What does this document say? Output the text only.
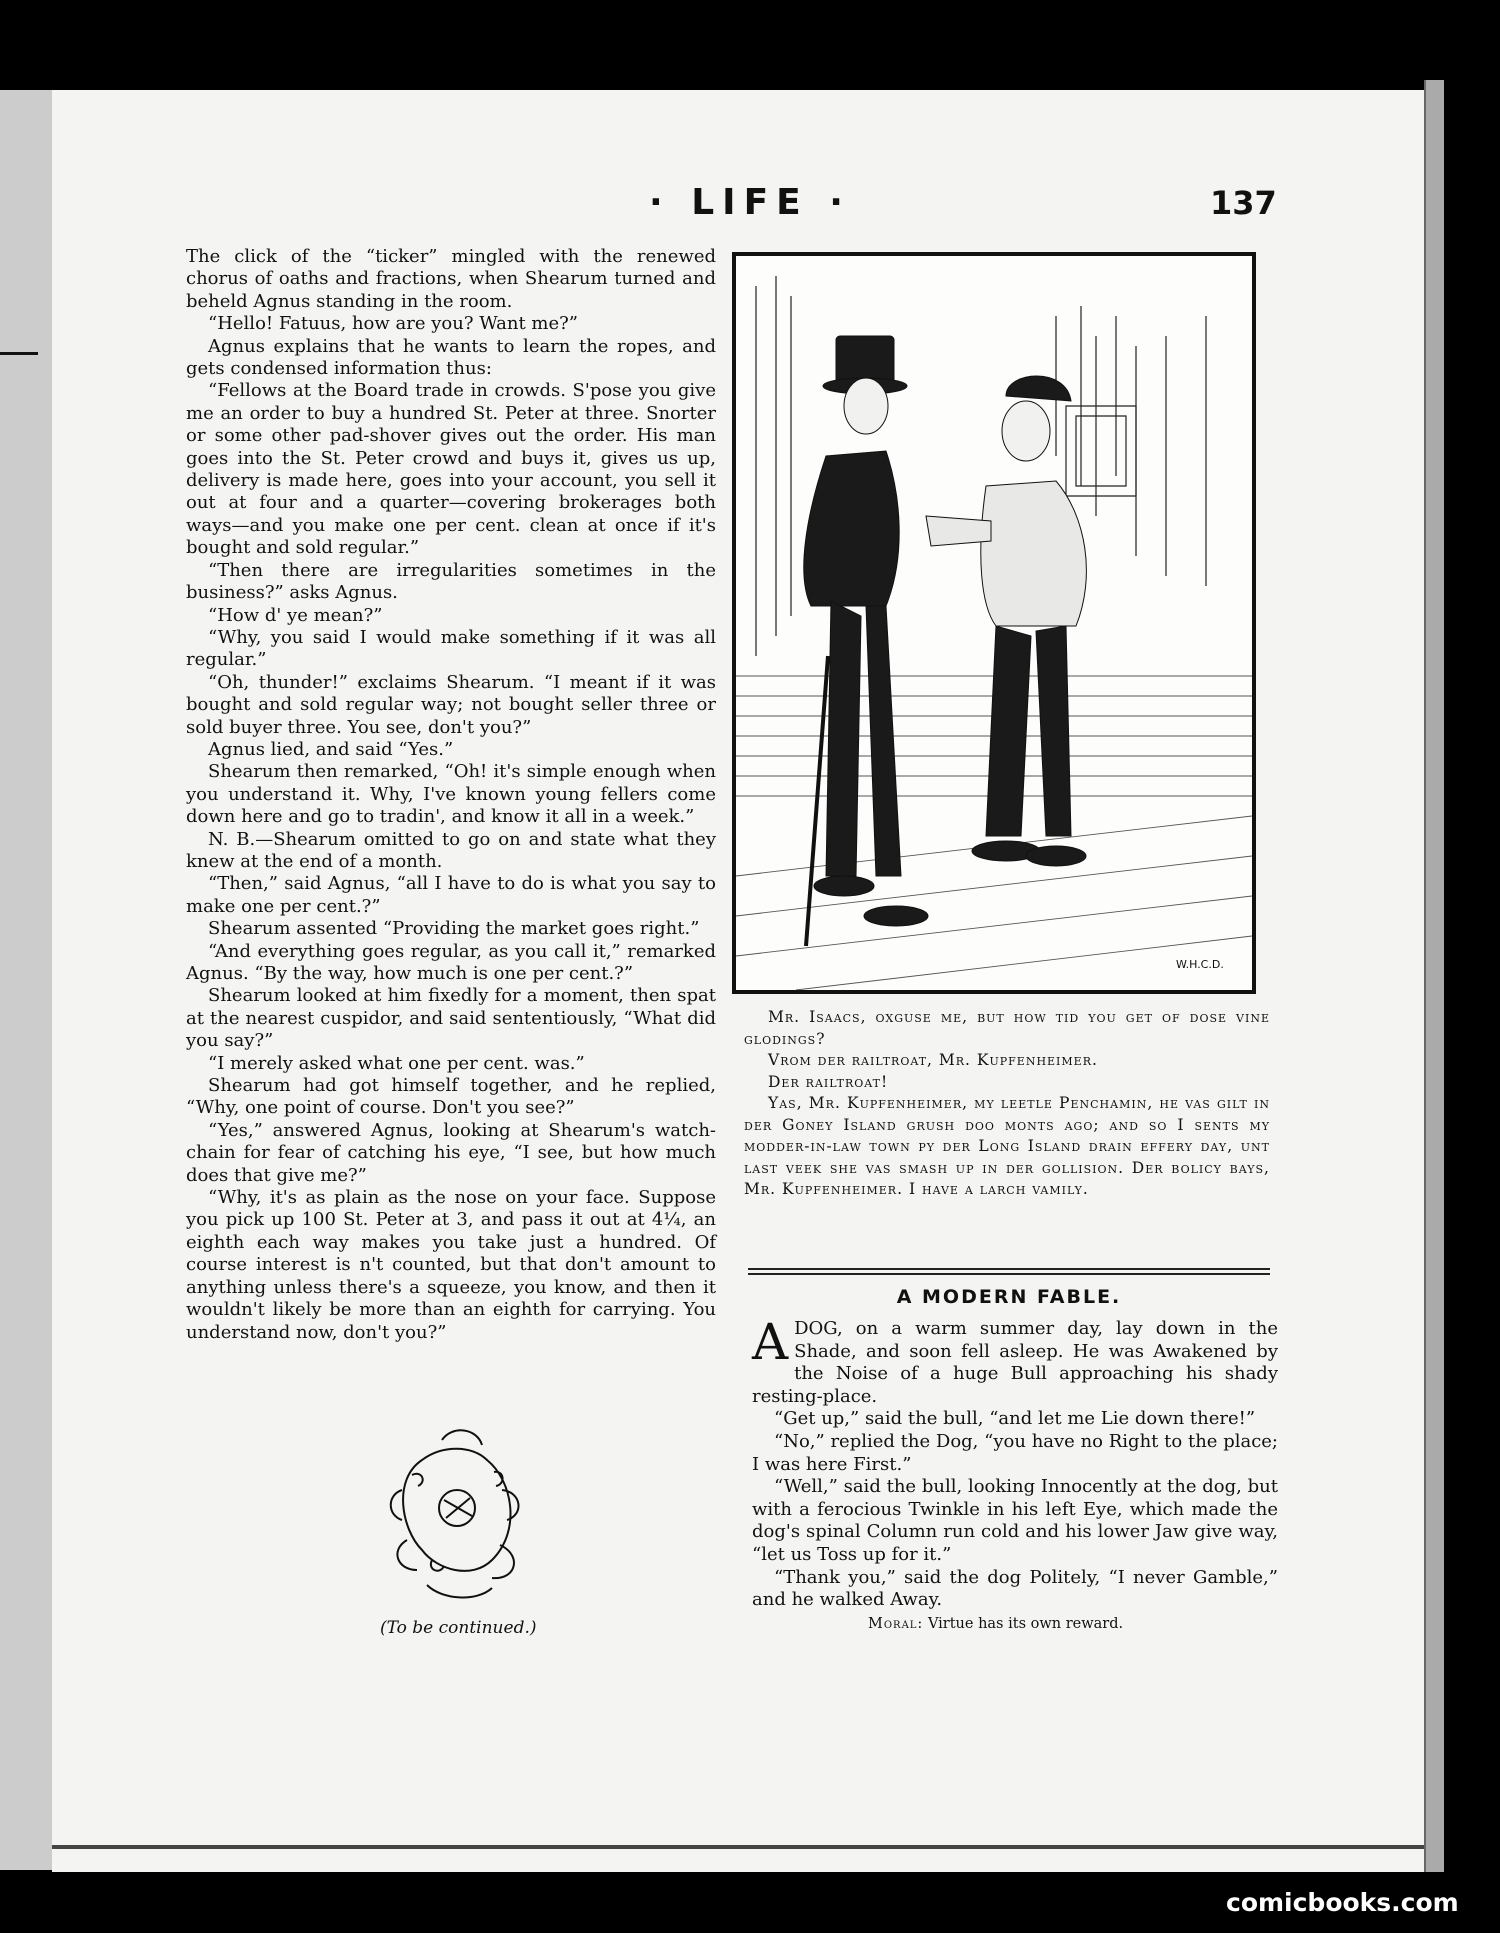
· LIFE ·	137

The click of the “ticker” mingled with the renewed chorus of oaths and fractions, when Shearum turned and beheld Agnus standing in the room.

“Hello! Fatuus, how are you? Want me?”

Agnus explains that he wants to learn the ropes, and gets condensed information thus:

“Fellows at the Board trade in crowds. S'pose you give me an order to buy a hundred St. Peter at three. Snorter or some other pad-shover gives out the order. His man goes into the St. Peter crowd and buys it, gives us up, delivery is made here, goes into your account, you sell it out at four and a quarter—covering brokerages both ways—and you make one per cent. clean at once if it's bought and sold regular.”

“Then there are irregularities sometimes in the business?” asks Agnus.

“How d' ye mean?”

“Why, you said I would make something if it was all regular.”

“Oh, thunder!” exclaims Shearum. “I meant if it was bought and sold regular way; not bought seller three or sold buyer three. You see, don't you?”

Agnus lied, and said “Yes.”

Shearum then remarked, “Oh! it's simple enough when you understand it. Why, I've known young fellers come down here and go to tradin', and know it all in a week.”

N. B.—Shearum omitted to go on and state what they knew at the end of a month.

“Then,” said Agnus, “all I have to do is what you say to make one per cent.?”

Shearum assented “Providing the market goes right.”

“And everything goes regular, as you call it,” remarked Agnus. “By the way, how much is one per cent.?”

Shearum looked at him fixedly for a moment, then spat at the nearest cuspidor, and said sententiously, “What did you say?”

“I merely asked what one per cent. was.”

Shearum had got himself together, and he replied, “Why, one point of course. Don't you see?”

“Yes,” answered Agnus, looking at Shearum's watch-chain for fear of catching his eye, “I see, but how much does that give me?”

“Why, it's as plain as the nose on your face. Suppose you pick up 100 St. Peter at 3, and pass it out at 4¼, an eighth each way makes you take just a hundred. Of course interest is n't counted, but that don't amount to anything unless there's a squeeze, you know, and then it wouldn't likely be more than an eighth for carrying. You understand now, don't you?”

(To be continued.)
W.H.C.D.

Mr. Isaacs, oxguse me, but how tid you get of dose vine glodings?

Vrom der railtroat, Mr. Kupfenheimer.

Der railtroat!

Yas, Mr. Kupfenheimer, my leetle Penchamin, he vas gilt in der Goney Island grush doo monts ago; and so I sents my modder-in-law town py der Long Island drain effery day, unt last veek she vas smash up in der gollision. Der bolicy bays, Mr. Kupfenheimer. I have a larch vamily.

A MODERN FABLE.

ADOG, on a warm summer day, lay down in the Shade, and soon fell asleep. He was Awakened by the Noise of a huge Bull approaching his shady resting-place.

“Get up,” said the bull, “and let me Lie down there!”

“No,” replied the Dog, “you have no Right to the place; I was here First.”

“Well,” said the bull, looking Innocently at the dog, but with a ferocious Twinkle in his left Eye, which made the dog's spinal Column run cold and his lower Jaw give way, “let us Toss up for it.”

“Thank you,” said the dog Politely, “I never Gamble,” and he walked Away.

Moral: Virtue has its own reward.
comicbooks.com
